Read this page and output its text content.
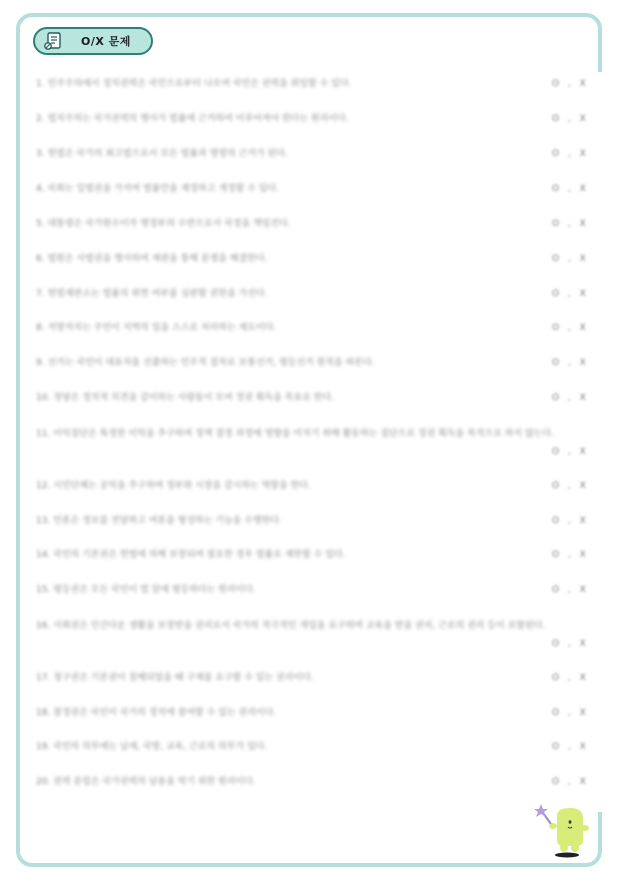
O/X 문제
1. 민주주의에서 정치권력은 국민으로부터 나오며 국민은 권력을 위임할 수 있다.	O , X
2. 법치주의는 국가권력의 행사가 법률에 근거하여 이루어져야 한다는 원리이다.	O , X
3. 헌법은 국가의 최고법으로서 모든 법률과 명령의 근거가 된다.	O , X
4. 국회는 입법권을 가지며 법률안을 제정하고 개정할 수 있다.	O , X
5. 대통령은 국가원수이자 행정부의 수반으로서 국정을 책임진다.	O , X
6. 법원은 사법권을 행사하며 재판을 통해 분쟁을 해결한다.	O , X
7. 헌법재판소는 법률의 위헌 여부를 심판할 권한을 가진다.	O , X
8. 지방자치는 주민이 지역의 일을 스스로 처리하는 제도이다.	O , X
9. 선거는 국민이 대표자를 선출하는 민주적 절차로 보통선거, 평등선거 원칙을 따른다.	O , X
10. 정당은 정치적 의견을 같이하는 사람들이 모여 정권 획득을 목표로 한다.	O , X
11. 이익집단은 특정한 이익을 추구하며 정책 결정 과정에 영향을 미치기 위해 활동하는 집단으로 정권 획득을 목적으로 하지 않는다.
O , X
12. 시민단체는 공익을 추구하며 정부와 시장을 감시하는 역할을 한다.	O , X
13. 언론은 정보를 전달하고 여론을 형성하는 기능을 수행한다.	O , X
14. 국민의 기본권은 헌법에 의해 보장되며 필요한 경우 법률로 제한할 수 있다.	O , X
15. 평등권은 모든 국민이 법 앞에 평등하다는 원리이다.	O , X
16. 사회권은 인간다운 생활을 보장받을 권리로서 국가의 적극적인 개입을 요구하며 교육을 받을 권리, 근로의 권리 등이 포함된다.
O , X
17. 청구권은 기본권이 침해되었을 때 구제를 요구할 수 있는 권리이다.	O , X
18. 참정권은 국민이 국가의 정치에 참여할 수 있는 권리이다.	O , X
19. 국민의 의무에는 납세, 국방, 교육, 근로의 의무가 있다.	O , X
20. 권력 분립은 국가권력의 남용을 막기 위한 원리이다.	O , X
